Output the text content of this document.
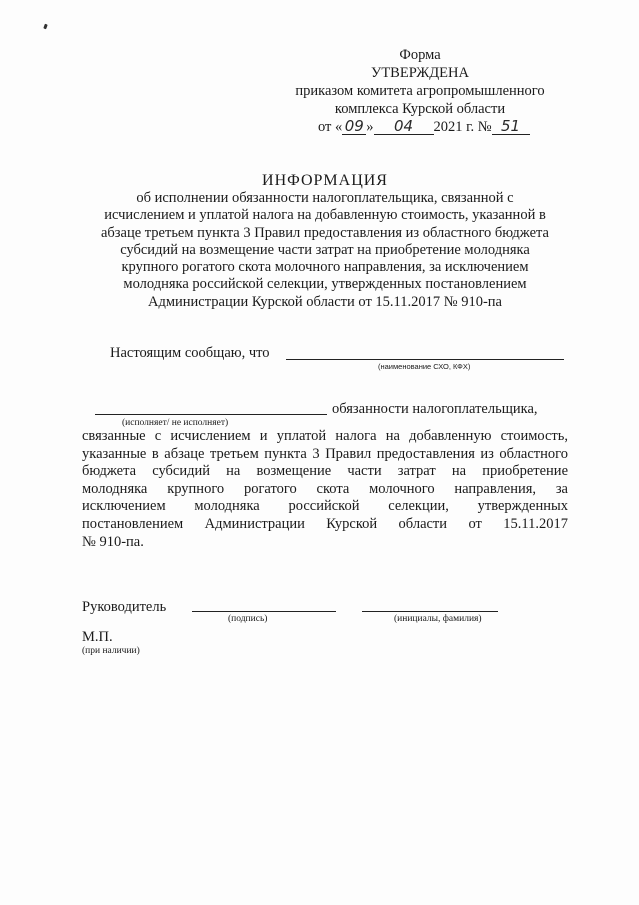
Форма
УТВЕРЖДЕНА
приказом комитета агропромышленного
комплекса Курской области
от « 09 » 04 2021 г. № 51
ИНФОРМАЦИЯ
об исполнении обязанности налогоплательщика, связанной с
исчислением и уплатой налога на добавленную стоимость, указанной в
абзаце третьем пункта 3 Правил предоставления из областного бюджета
субсидий на возмещение части затрат на приобретение молодняка
крупного рогатого скота молочного направления, за исключением
молодняка российской селекции, утвержденных постановлением
Администрации Курской области от 15.11.2017 № 910-па
Настоящим сообщаю, что
(наименование СХО, КФХ)
(исполняет/ не исполняет)
обязанности налогоплательщика,
связанные с исчислением и уплатой налога на добавленную стоимость,
указанные в абзаце третьем пункта 3 Правил предоставления из областного
бюджета субсидий на возмещение части затрат на приобретение
молодняка крупного рогатого скота молочного направления, за
исключением молодняка российской селекции, утвержденных
постановлением Администрации Курской области от 15.11.2017
№ 910-па.
Руководитель
(подпись)	(инициалы, фамилия)
М.П.
(при наличии)
